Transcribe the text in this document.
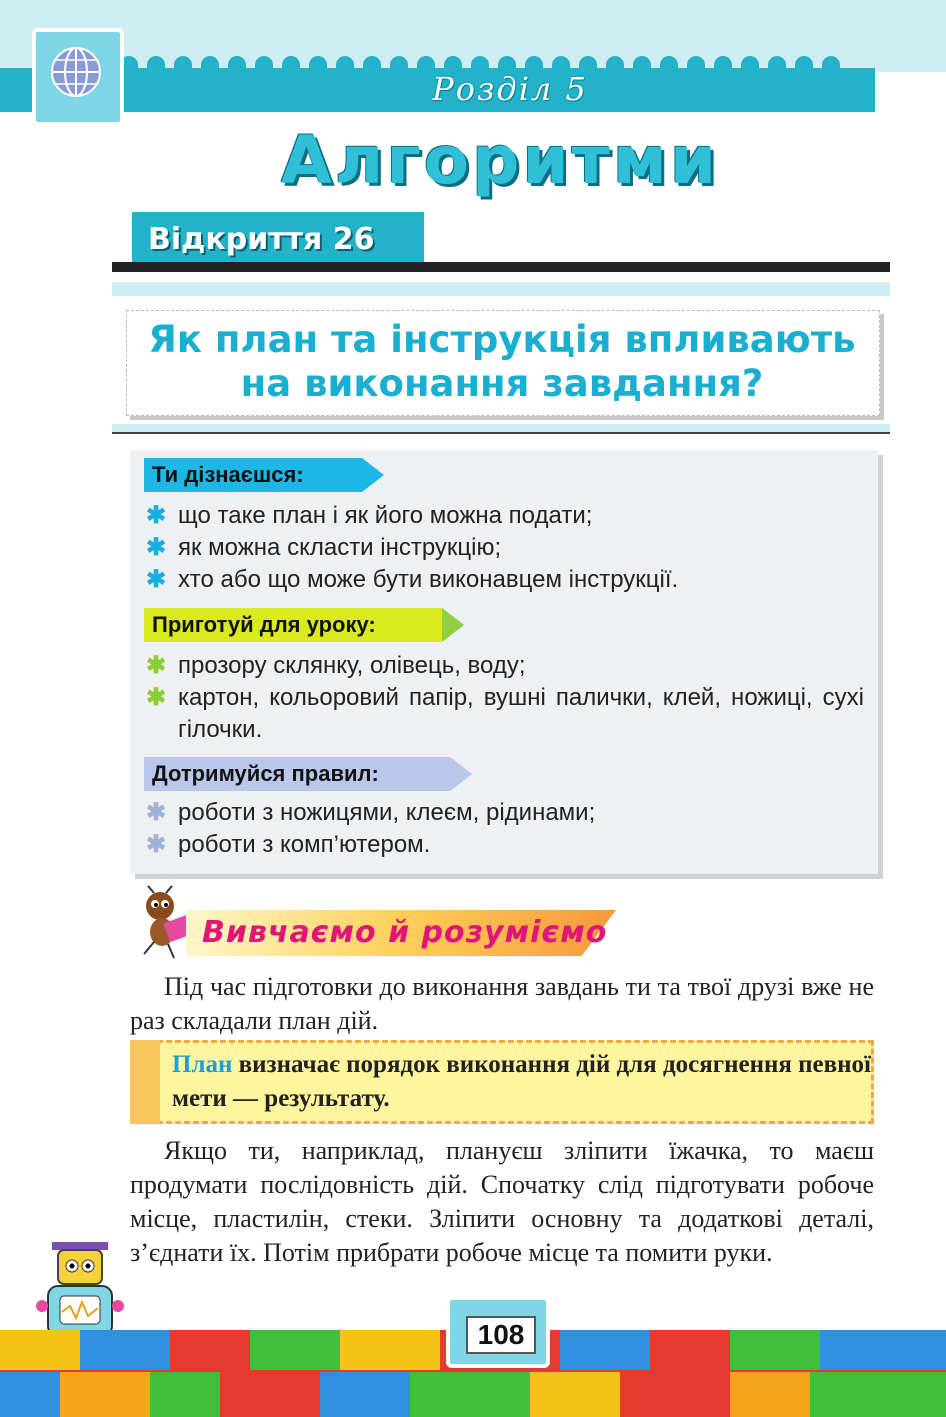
Розділ 5
Алгоритми
Відкриття 26
Як план та інструкція впливають
на виконання завдання?
Ти дізнаєшся:
✱ що таке план і як його можна подати;
✱ як можна скласти інструкцію;
✱ хто або що може бути виконавцем інструкції.
Приготуй для уроку:
✱ прозору склянку, олівець, воду;
✱ картон, кольоровий папір, вушні палички, клей, ножиці, сухі гілочки.
Дотримуйся правил:
✱ роботи з ножицями, клеєм, рідинами;
✱ роботи з комп’ютером.
Вивчаємо й розуміємо
Під час підготовки до виконання завдань ти та твої друзі вже не раз складали план дій.
План визначає порядок виконання дій для досягнення певної мети — результату.
Якщо ти, наприклад, плануєш зліпити їжачка, то маєш продумати послідовність дій. Спочатку слід підготувати робоче місце, пластилін, стеки. Зліпити основну та додаткові деталі, з’єднати їх. Потім прибрати робоче місце та помити руки.
108
